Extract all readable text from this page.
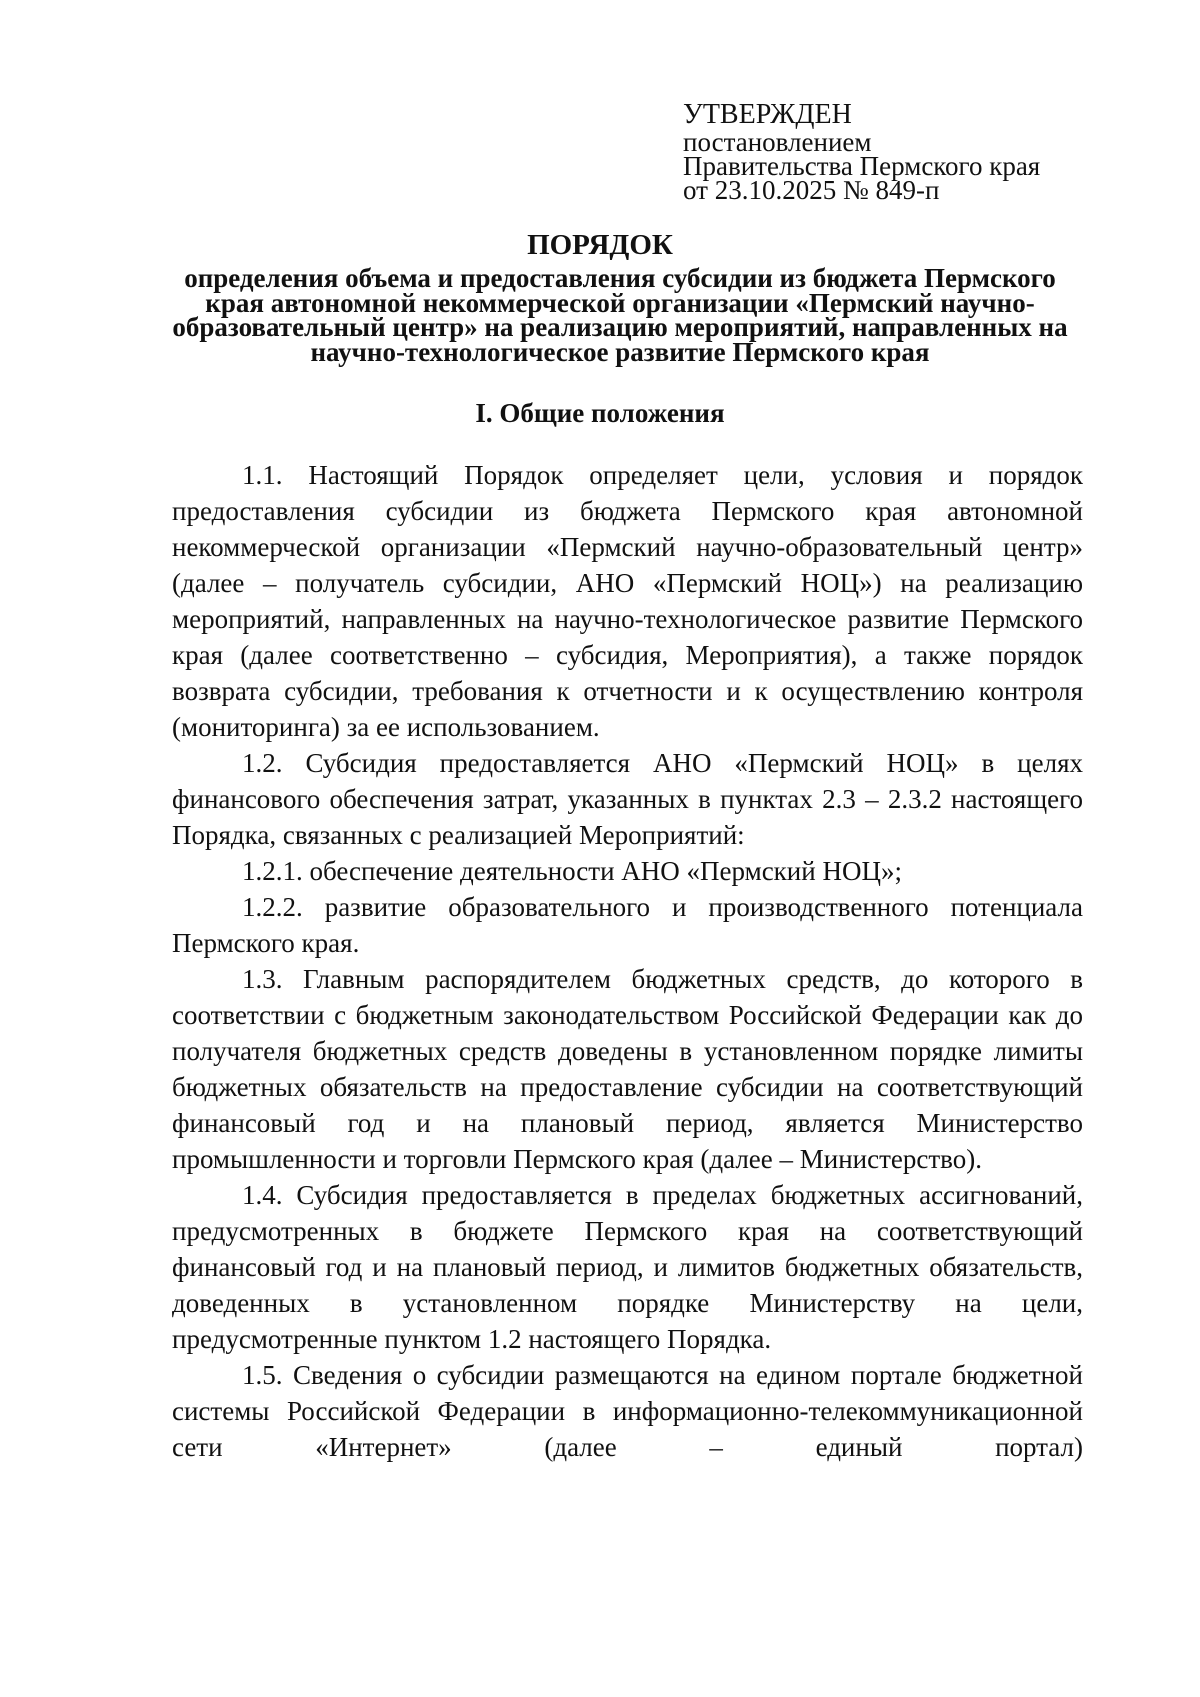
УТВЕРЖДЕН
постановлением
Правительства Пермского края
от 23.10.2025 № 849-п
ПОРЯДОК
определения объема и предоставления субсидии из бюджета Пермского края автономной некоммерческой организации «Пермский научно-образовательный центр» на реализацию мероприятий, направленных на научно-технологическое развитие Пермского края
I. Общие положения

1.1. Настоящий Порядок определяет цели, условия и порядок предоставления субсидии из бюджета Пермского края автономной некоммерческой организации «Пермский научно-образовательный центр» (далее – получатель субсидии, АНО «Пермский НОЦ») на реализацию мероприятий, направленных на научно-технологическое развитие Пермского края (далее соответственно – субсидия, Мероприятия), а также порядок возврата субсидии, требования к отчетности и к осуществлению контроля (мониторинга) за ее использованием.

1.2. Субсидия предоставляется АНО «Пермский НОЦ» в целях финансового обеспечения затрат, указанных в пунктах 2.3 – 2.3.2 настоящего Порядка, связанных с реализацией Мероприятий:

1.2.1. обеспечение деятельности АНО «Пермский НОЦ»;

1.2.2. развитие образовательного и производственного потенциала Пермского края.

1.3. Главным распорядителем бюджетных средств, до которого в соответствии с бюджетным законодательством Российской Федерации как до получателя бюджетных средств доведены в установленном порядке лимиты бюджетных обязательств на предоставление субсидии на соответствующий финансовый год и на плановый период, является Министерство промышленности и торговли Пермского края (далее – Министерство).

1.4. Субсидия предоставляется в пределах бюджетных ассигнований, предусмотренных в бюджете Пермского края на соответствующий финансовый год и на плановый период, и лимитов бюджетных обязательств, доведенных в установленном порядке Министерству на цели, предусмотренные пунктом 1.2 настоящего Порядка.

1.5. Сведения о субсидии размещаются на едином портале бюджетной системы Российской Федерации в информационно-телекоммуникационной сети «Интернет» (далее – единый портал)
